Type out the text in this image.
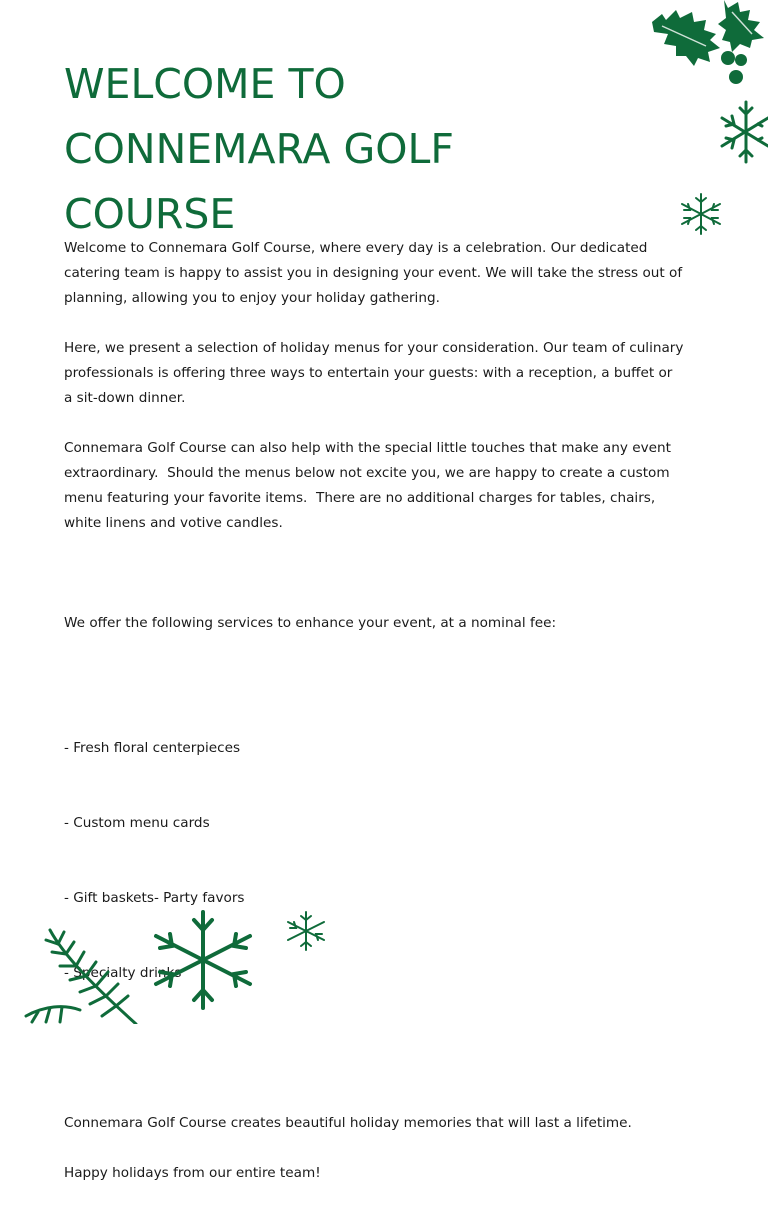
WELCOME TO CONNEMARA GOLF COURSE

Welcome to Connemara Golf Course, where every day is a celebration. Our dedicated catering team is happy to assist you in designing your event. We will take the stress out of planning, allowing you to enjoy your holiday gathering.

Here, we present a selection of holiday menus for your consideration. Our team of culinary professionals is offering three ways to entertain your guests: with a reception, a buffet or a sit-down dinner.

Connemara Golf Course can also help with the special little touches that make any event extraordinary.  Should the menus below not excite you, we are happy to create a custom menu featuring your favorite items.  There are no additional charges for tables, chairs, white linens and votive candles.

We offer the following services to enhance your event, at a nominal fee:

- Fresh floral centerpieces

- Custom menu cards

- Gift baskets- Party favors

- Specialty drinks

Connemara Golf Course creates beautiful holiday memories that will last a lifetime.

Happy holidays from our entire team!
